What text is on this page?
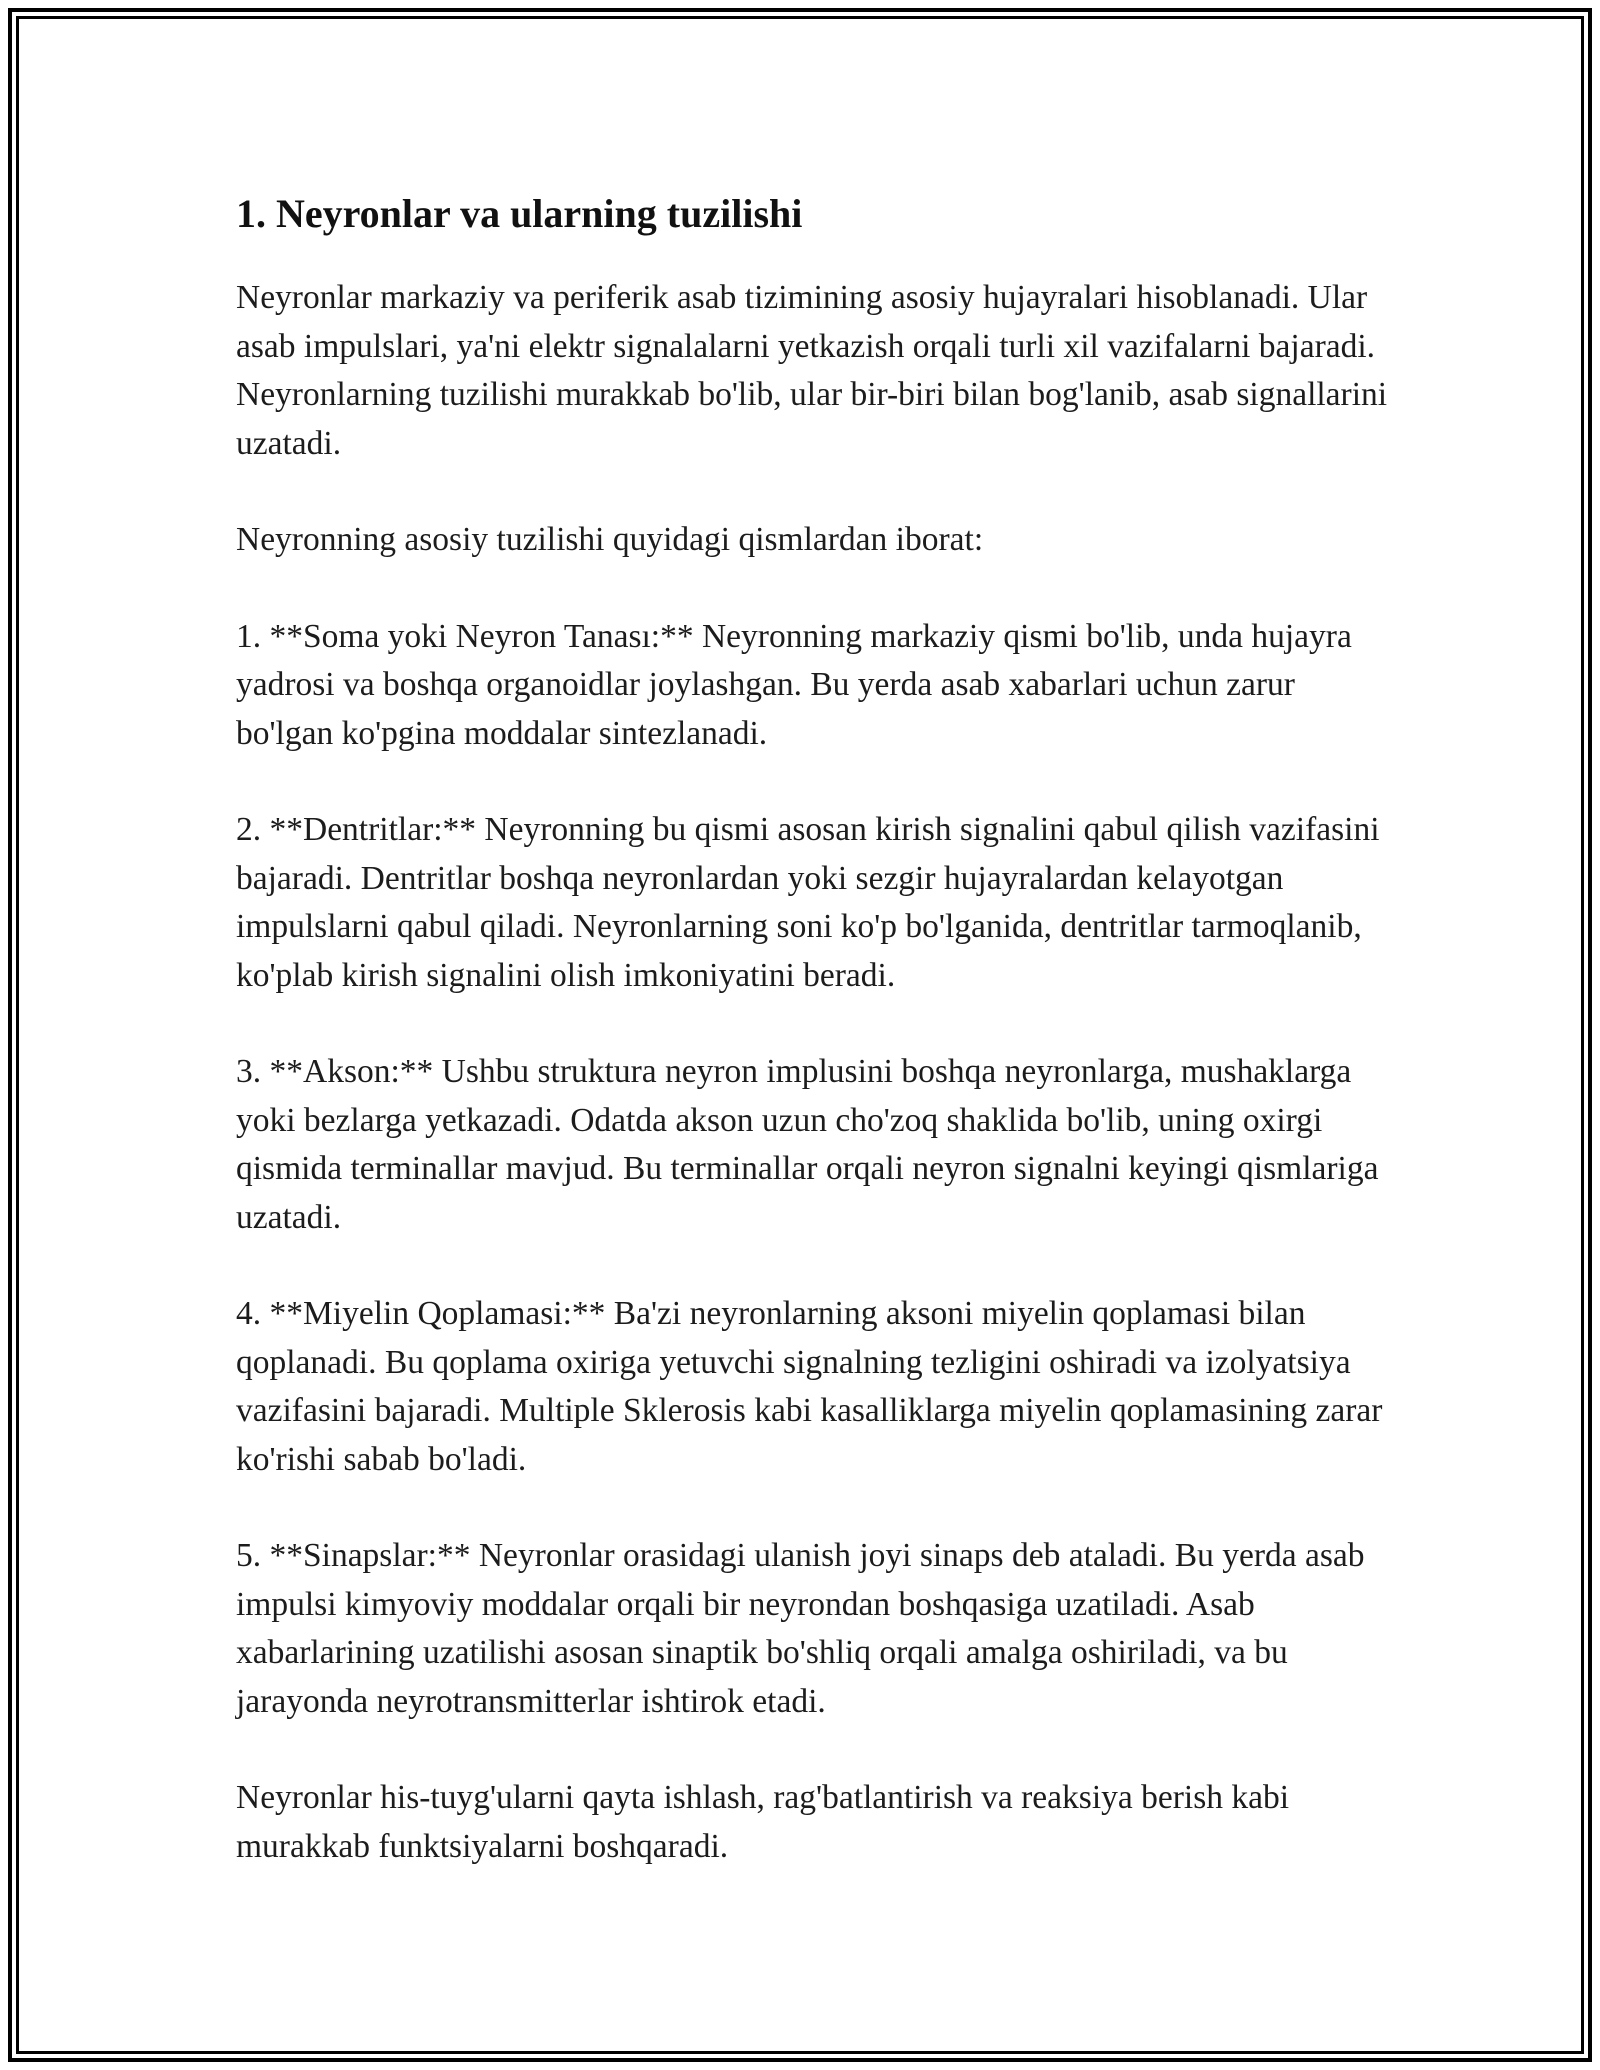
1. Neyronlar va ularning tuzilishi

Neyronlar markaziy va periferik asab tizimining asosiy hujayralari hisoblanadi. Ular asab impulslari, ya'ni elektr signalalarni yetkazish orqali turli xil vazifalarni bajaradi. Neyronlarning tuzilishi murakkab bo'lib, ular bir-biri bilan bog'lanib, asab signallarini uzatadi.

Neyronning asosiy tuzilishi quyidagi qismlardan iborat:

1. **Soma yoki Neyron Tanası:** Neyronning markaziy qismi bo'lib, unda hujayra yadrosi va boshqa organoidlar joylashgan. Bu yerda asab xabarlari uchun zarur bo'lgan ko'pgina moddalar sintezlanadi.

2. **Dentritlar:** Neyronning bu qismi asosan kirish signalini qabul qilish vazifasini bajaradi. Dentritlar boshqa neyronlardan yoki sezgir hujayralardan kelayotgan impulslarni qabul qiladi. Neyronlarning soni ko'p bo'lganida, dentritlar tarmoqlanib, ko'plab kirish signalini olish imkoniyatini beradi.

3. **Akson:** Ushbu struktura neyron implusini boshqa neyronlarga, mushaklarga yoki bezlarga yetkazadi. Odatda akson uzun cho'zoq shaklida bo'lib, uning oxirgi qismida terminallar mavjud. Bu terminallar orqali neyron signalni keyingi qismlariga uzatadi.

4. **Miyelin Qoplamasi:** Ba'zi neyronlarning aksoni miyelin qoplamasi bilan qoplanadi. Bu qoplama oxiriga yetuvchi signalning tezligini oshiradi va izolyatsiya vazifasini bajaradi. Multiple Sklerosis kabi kasalliklarga miyelin qoplamasining zarar ko'rishi sabab bo'ladi.

5. **Sinapslar:** Neyronlar orasidagi ulanish joyi sinaps deb ataladi. Bu yerda asab impulsi kimyoviy moddalar orqali bir neyrondan boshqasiga uzatiladi. Asab xabarlarining uzatilishi asosan sinaptik bo'shliq orqali amalga oshiriladi, va bu jarayonda neyrotransmitterlar ishtirok etadi.

Neyronlar his-tuyg'ularni qayta ishlash, rag'batlantirish va reaksiya berish kabi murakkab funktsiyalarni boshqaradi.
